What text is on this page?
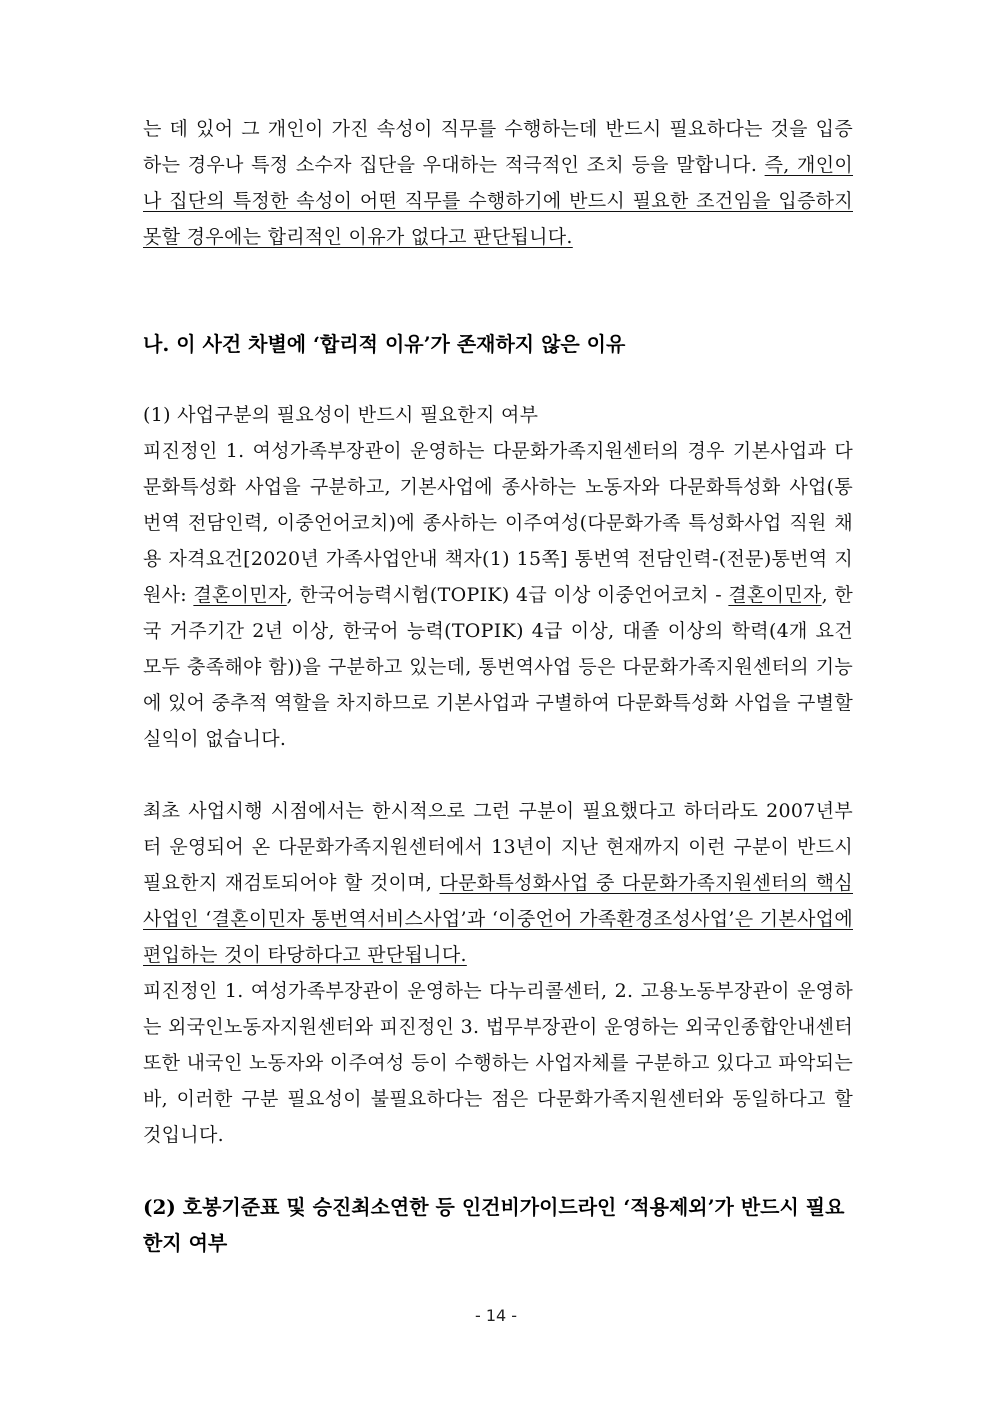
는 데 있어 그 개인이 가진 속성이 직무를 수행하는데 반드시 필요하다는 것을 입증하는 경우나 특정 소수자 집단을 우대하는 적극적인 조치 등을 말합니다. 즉, 개인이나 집단의 특정한 속성이 어떤 직무를 수행하기에 반드시 필요한 조건임을 입증하지 못할 경우에는 합리적인 이유가 없다고 판단됩니다.

나. 이 사건 차별에 ‘합리적 이유’가 존재하지 않은 이유
(1) 사업구분의 필요성이 반드시 필요한지 여부

피진정인 1. 여성가족부장관이 운영하는 다문화가족지원센터의 경우 기본사업과 다문화특성화 사업을 구분하고, 기본사업에 종사하는 노동자와 다문화특성화 사업(통번역 전담인력, 이중언어코치)에 종사하는 이주여성(다문화가족 특성화사업 직원 채용 자격요건[2020년 가족사업안내 책자(1) 15쪽] 통번역 전담인력-(전문)통번역 지원사: 결혼이민자, 한국어능력시험(TOPIK) 4급 이상 이중언어코치 - 결혼이민자, 한국 거주기간 2년 이상, 한국어 능력(TOPIK) 4급 이상, 대졸 이상의 학력(4개 요건 모두 충족해야 함))을 구분하고 있는데, 통번역사업 등은 다문화가족지원센터의 기능에 있어 중추적 역할을 차지하므로 기본사업과 구별하여 다문화특성화 사업을 구별할 실익이 없습니다.

최초 사업시행 시점에서는 한시적으로 그런 구분이 필요했다고 하더라도 2007년부터 운영되어 온 다문화가족지원센터에서 13년이 지난 현재까지 이런 구분이 반드시 필요한지 재검토되어야 할 것이며, 다문화특성화사업 중 다문화가족지원센터의 핵심사업인 ‘결혼이민자 통번역서비스사업’과 ‘이중언어 가족환경조성사업’은 기본사업에 편입하는 것이 타당하다고 판단됩니다.

피진정인 1. 여성가족부장관이 운영하는 다누리콜센터, 2. 고용노동부장관이 운영하는 외국인노동자지원센터와 피진정인 3. 법무부장관이 운영하는 외국인종합안내센터 또한 내국인 노동자와 이주여성 등이 수행하는 사업자체를 구분하고 있다고 파악되는바, 이러한 구분 필요성이 불필요하다는 점은 다문화가족지원센터와 동일하다고 할 것입니다.

(2) 호봉기준표 및 승진최소연한 등 인건비가이드라인 ‘적용제외’가 반드시 필요한지 여부
- 14 -
